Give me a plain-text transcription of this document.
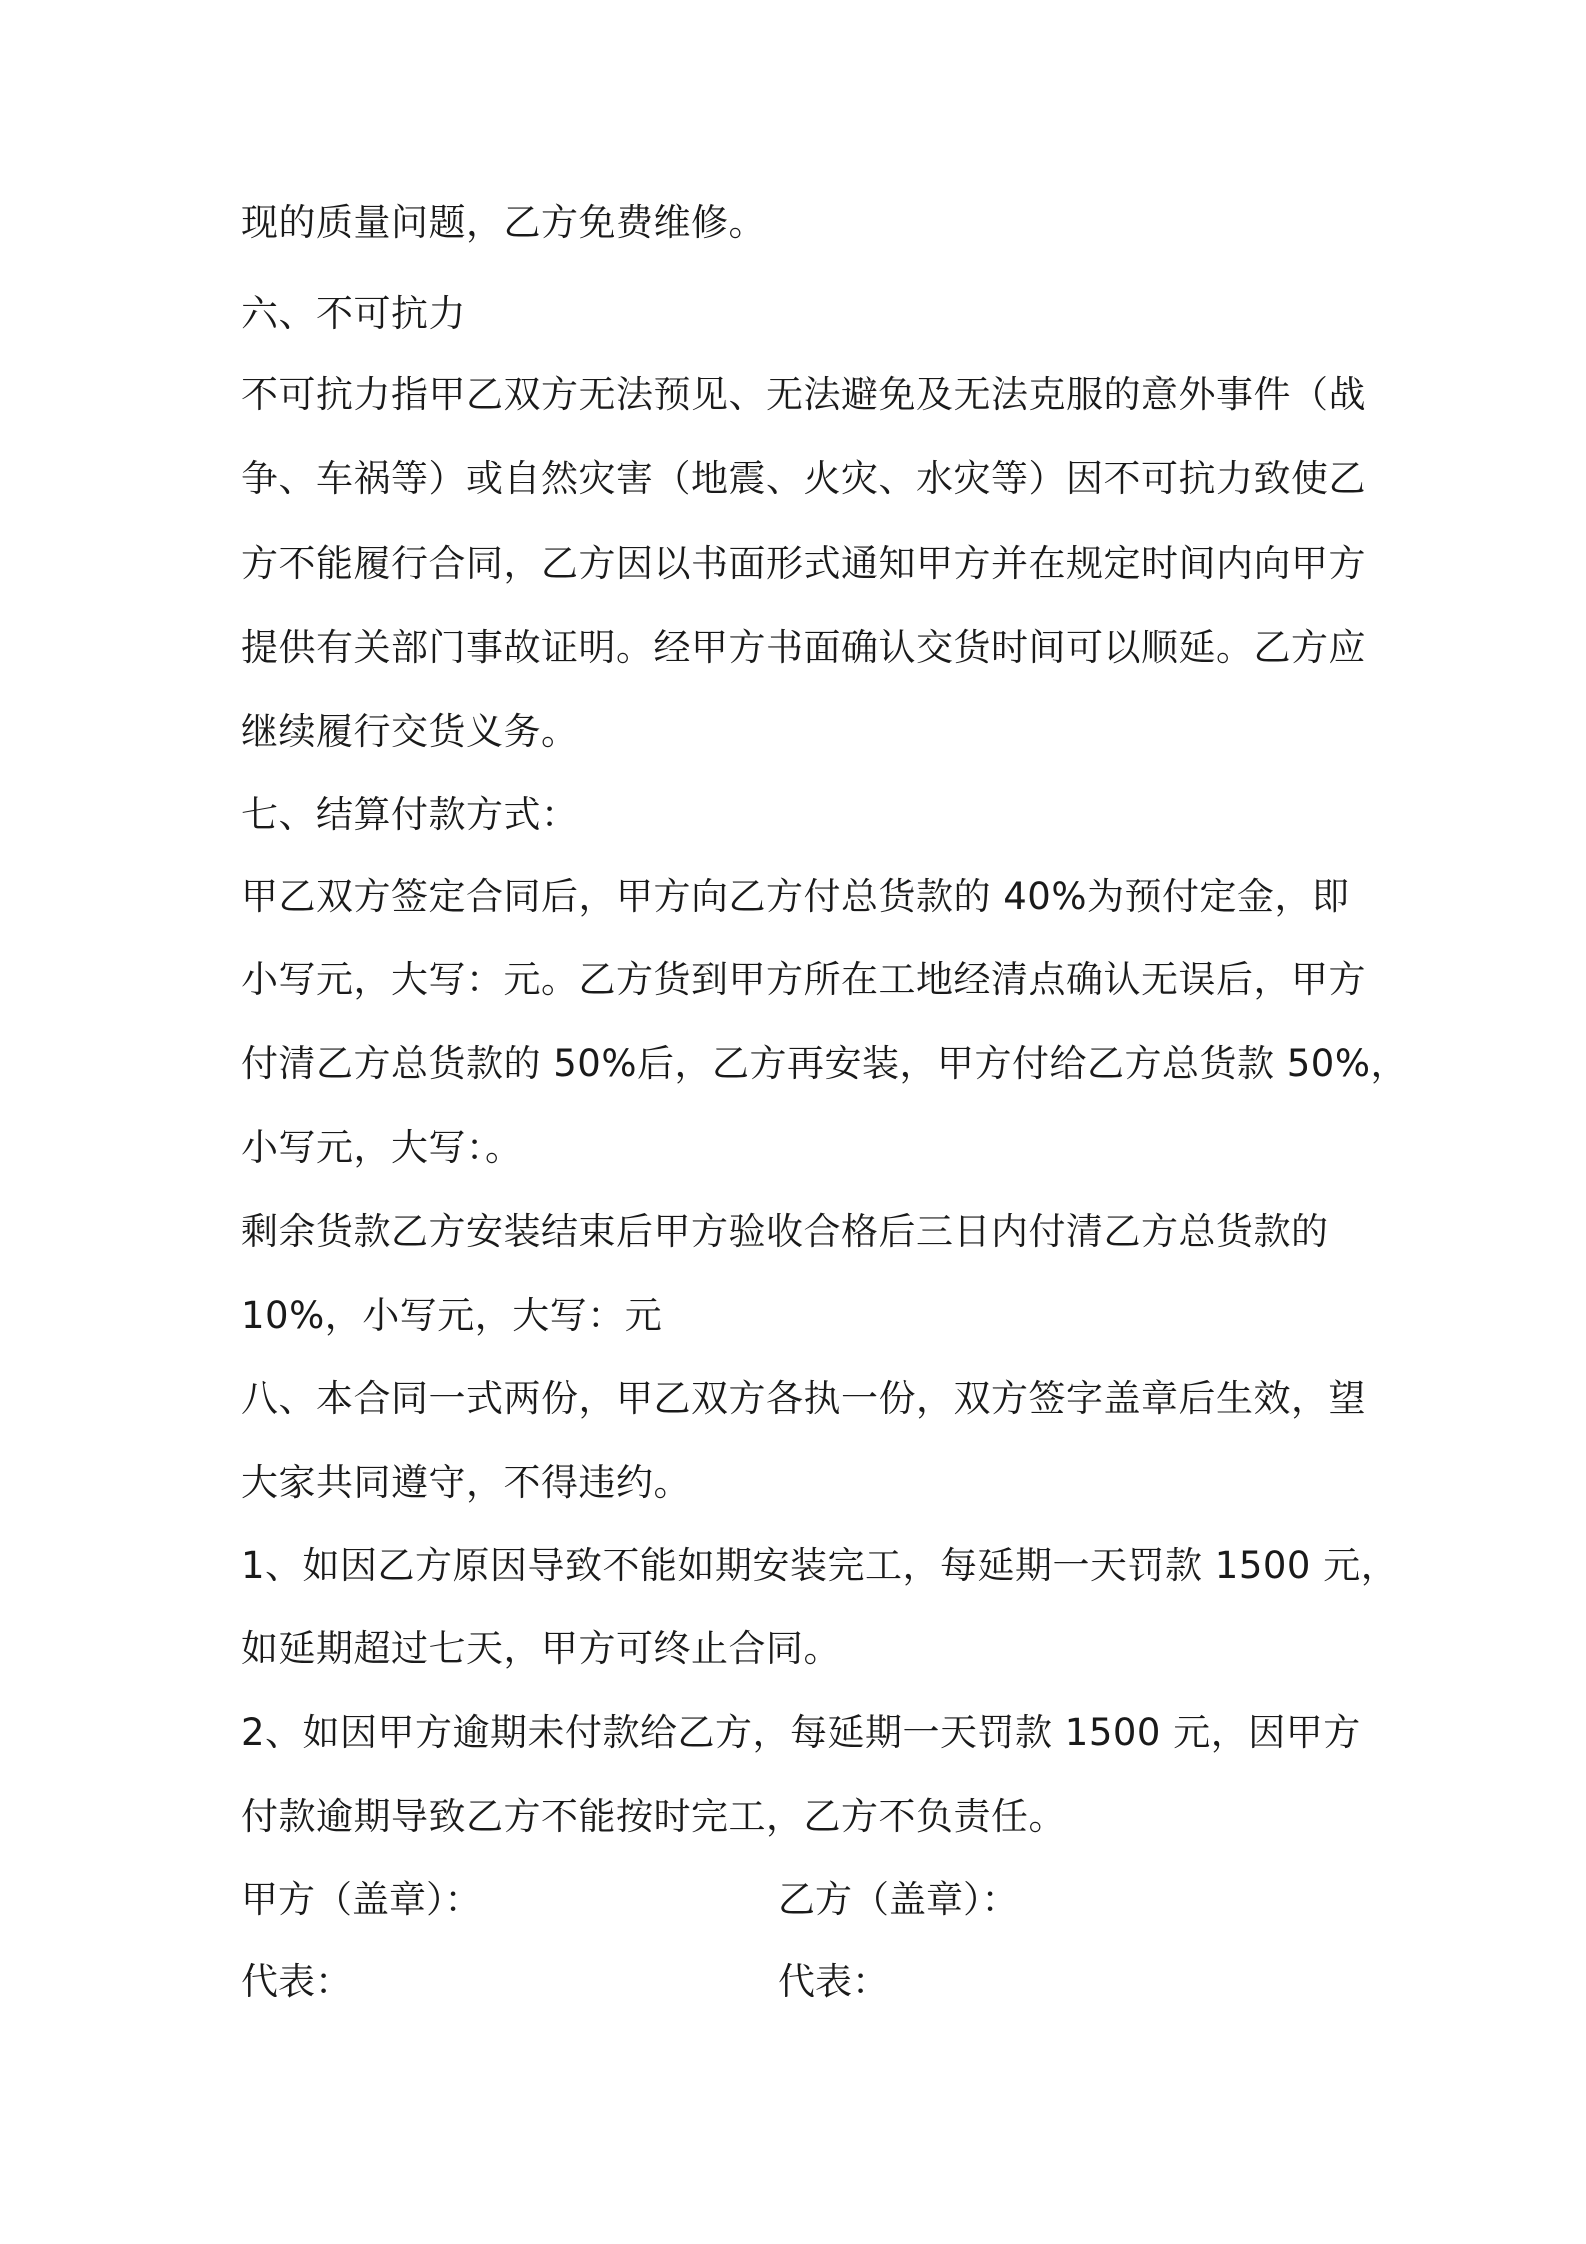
现的质量问题，乙方免费维修。
六、不可抗力
不可抗力指甲乙双方无法预见、无法避免及无法克服的意外事件（战
争、车祸等）或自然灾害（地震、火灾、水灾等）因不可抗力致使乙
方不能履行合同，乙方因以书面形式通知甲方并在规定时间内向甲方
提供有关部门事故证明。经甲方书面确认交货时间可以顺延。乙方应
继续履行交货义务。
七、结算付款方式：
甲乙双方签定合同后，甲方向乙方付总货款的 40%为预付定金，即
小写元，大写：元。乙方货到甲方所在工地经清点确认无误后，甲方
付清乙方总货款的 50%后，乙方再安装，甲方付给乙方总货款 50%，
小写元，大写：。
剩余货款乙方安装结束后甲方验收合格后三日内付清乙方总货款的
10%，小写元，大写：元
八、本合同一式两份，甲乙双方各执一份，双方签字盖章后生效，望
大家共同遵守，不得违约。
1、如因乙方原因导致不能如期安装完工，每延期一天罚款 1500 元，
如延期超过七天，甲方可终止合同。
2、如因甲方逾期未付款给乙方，每延期一天罚款 1500 元，因甲方
付款逾期导致乙方不能按时完工，乙方不负责任。
甲方（盖章）：	乙方（盖章）：
代表：	代表：
